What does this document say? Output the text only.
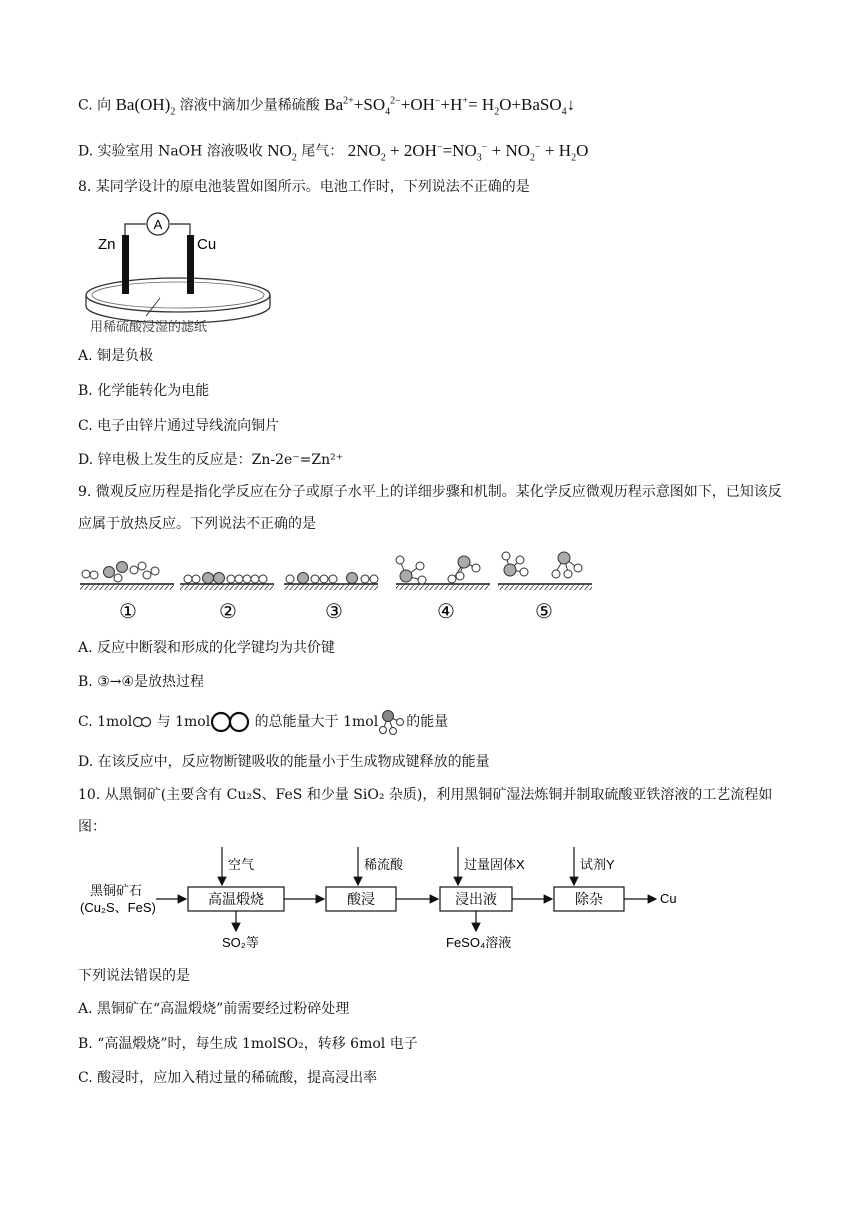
C. 向 $Ba(OH)_2$ 溶液中滴加少量稀硫酸 $Ba^{2+}+SO_4^{2-}+OH^-+H^+=$ $H_2O+BaSO_4↓$
D. 实验室用 NaOH 溶液吸收 $NO_2$ 尾气： $2NO_2 + 2OH^-=NO_3^- + NO_2^- + H_2O$
8. 某同学设计的原电池装置如图所示。电池工作时，下列说法不正确的是
A
Zn	Cu
用稀硫酸浸湿的滤纸
A. 铜是负极
B. 化学能转化为电能
C. 电子由锌片通过导线流向铜片
D. 锌电极上发生的反应是：Zn-2e⁻=Zn²⁺
9. 微观反应历程是指化学反应在分子或原子水平上的详细步骤和机制。某化学反应微观历程示意图如下，已知该反应属于放热反应。下列说法不正确的是
①	②	③	④	⑤
A. 反应中断裂和形成的化学键均为共价键
B. ③→④是放热过程
C. 1mol 与 1mol	的总能量大于 1mol 的能量
D. 在该反应中，反应物断键吸收的能量小于生成物成键释放的能量
10. 从黑铜矿(主要含有 Cu₂S、FeS 和少量 SiO₂ 杂质)，利用黑铜矿湿法炼铜并制取硫酸亚铁溶液的工艺流程如图：
黑铜矿石
(Cu₂S、FeS)
高温煅烧	酸浸	浸出液	除杂	Cu
空气	稀流酸	过量固体X	试剂Y
SO₂等	FeSO₄溶液
下列说法错误的是
A. 黑铜矿在“高温煅烧”前需要经过粉碎处理
B. “高温煅烧”时，每生成 1molSO₂，转移 6mol 电子
C. 酸浸时，应加入稍过量的稀硫酸，提高浸出率
